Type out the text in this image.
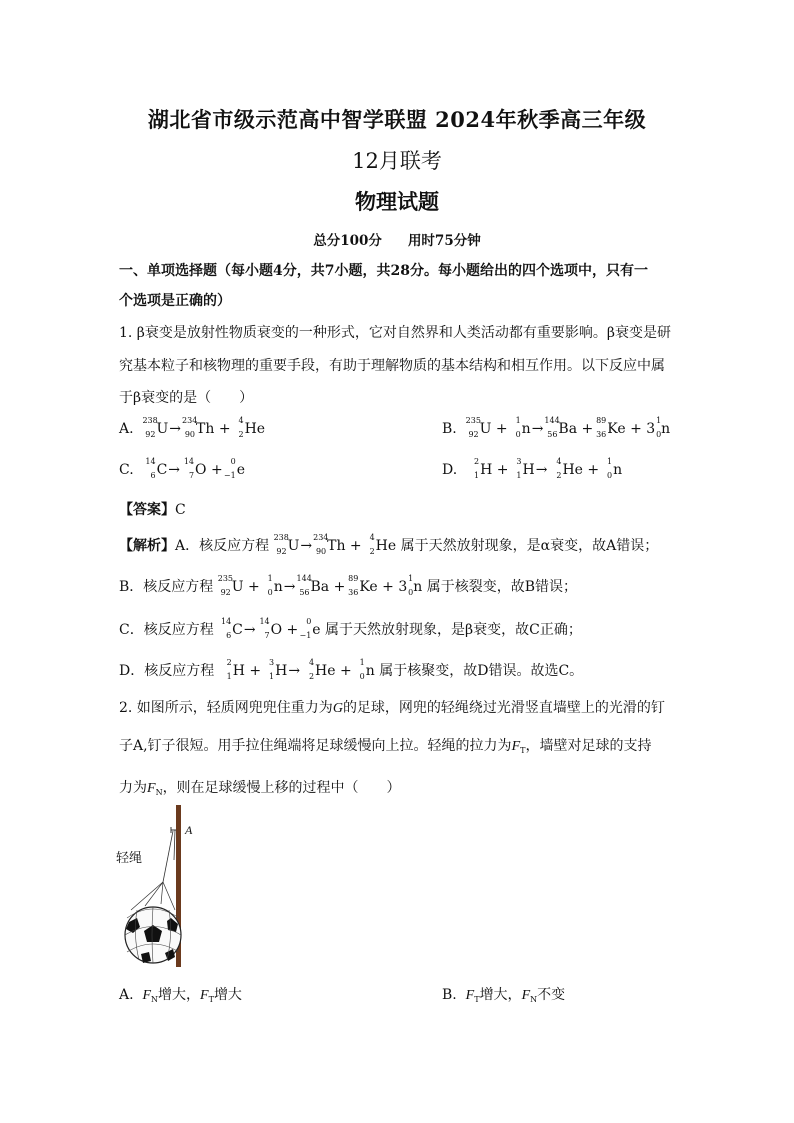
湖北省市级示范高中智学联盟 2024年秋季高三年级
12月联考
物理试题
总分100分 用时75分钟
一、单项选择题（每小题4分，共7小题，共28分。每小题给出的四个选项中，只有一
个选项是正确的）
1. β衰变是放射性物质衰变的一种形式，它对自然界和人类活动都有重要影响。β衰变是研
究基本粒子和核物理的重要手段，有助于理解物质的基本结构和相互作用。以下反应中属
于β衰变的是（　　）
A.
238
92 U→
234
90 Th +
4
2 He	B.
235
92 U +
1
0 n→
144
56 Ba +
89
36 Ke + 3
1
0 n
C.
14
6 C→
14
7 O +
0
−1 e	D.
2
1 H +
3
1 H→
4
2 He +
1
0 n
【答案】C
【解析】A．核反应方程
238
92 U→
234
90 Th +
4
2 He 属于天然放射现象，是α衰变，故A错误；
B．核反应方程
235
92 U +
1
0 n→
144
56 Ba +
89
36 Ke + 3
1
0 n 属于核裂变，故B错误；
C．核反应方程
14
6 C→
14
7 O +
0
−1 e 属于天然放射现象，是β衰变，故C正确；
D．核反应方程
2
1 H +
3
1 H→
4
2 He +
1
0 n 属于核聚变，故D错误。故选C。
2. 如图所示，轻质网兜兜住重力为G的足球，网兜的轻绳绕过光滑竖直墙壁上的光滑的钉
子A,钉子很短。用手拉住绳端将足球缓慢向上拉。轻绳的拉力为$F_T$，墙壁对足球的支持
力为$F_N$，则在足球缓慢上移的过程中（　　）
轻绳
A
A. $F_N$增大，$F_T$增大	B. $F_T$增大，$F_N$不变
